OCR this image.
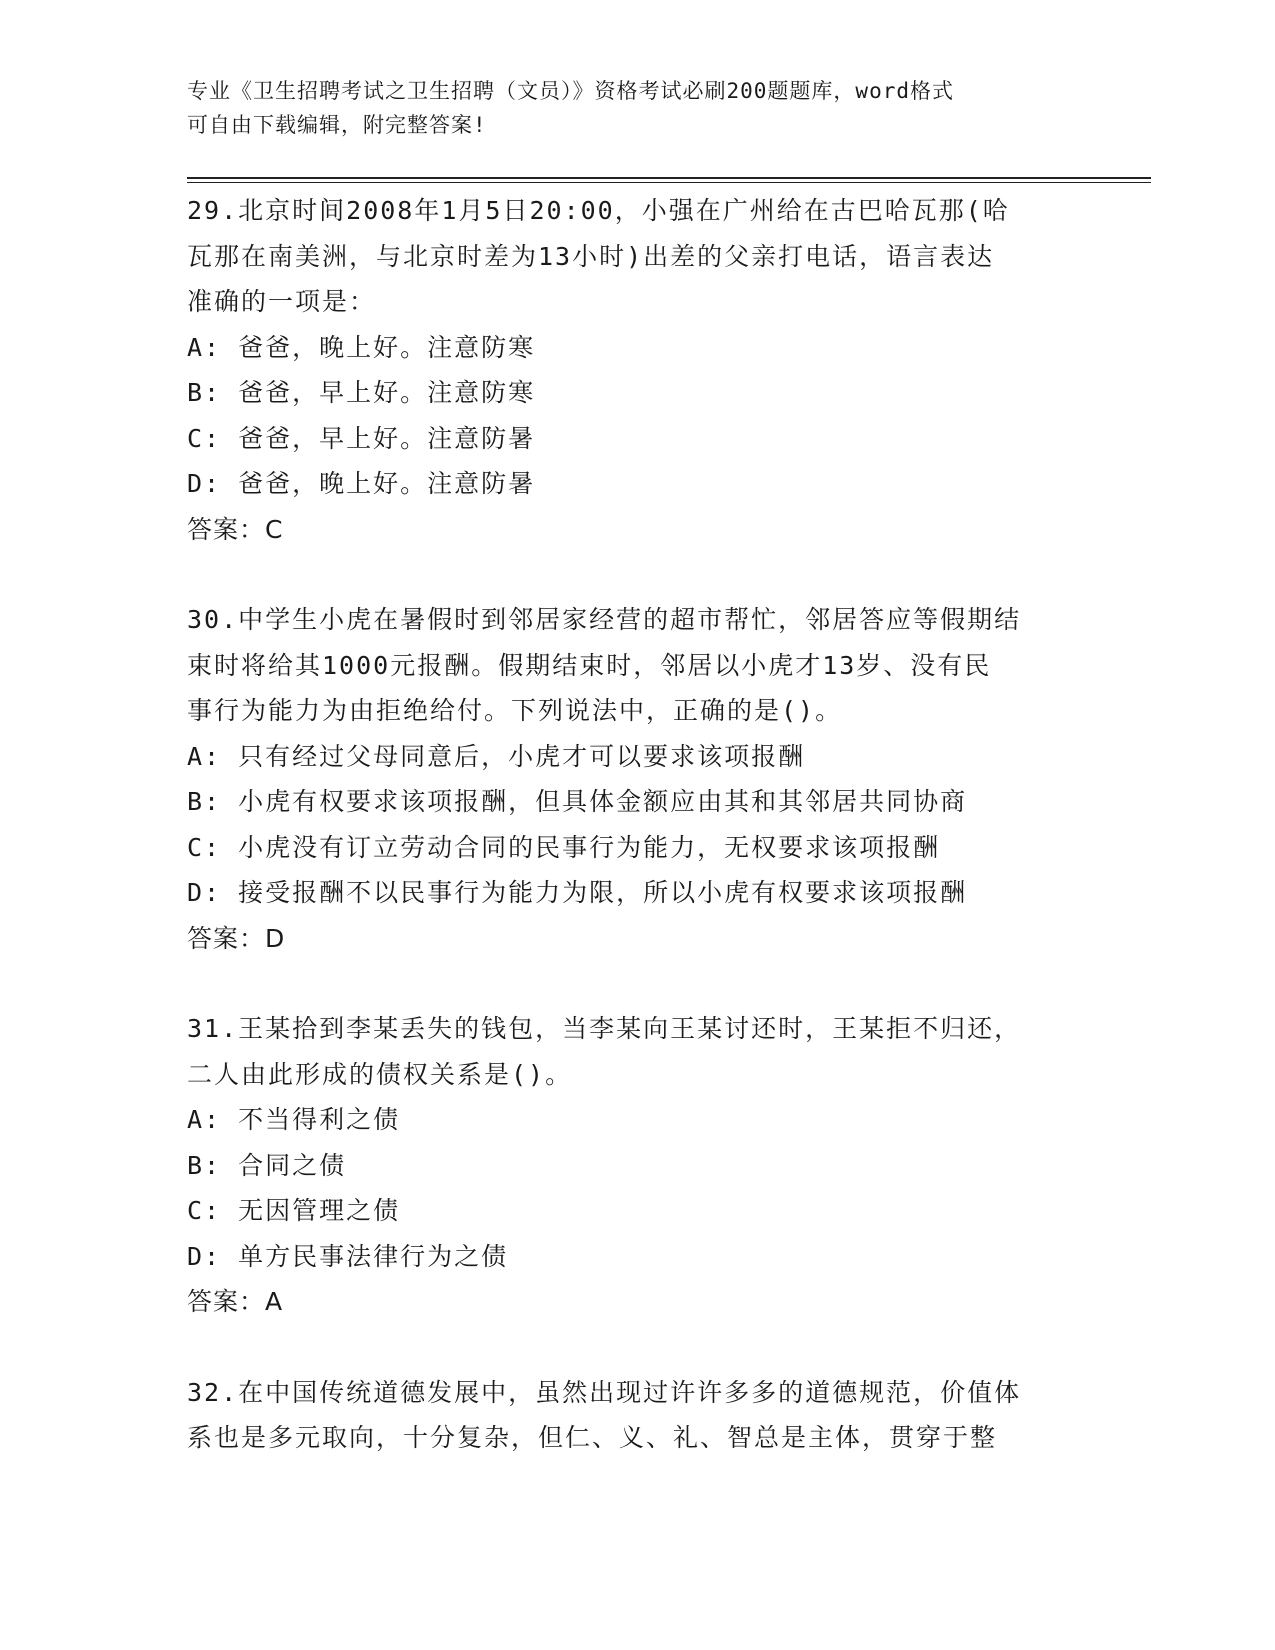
专业《卫生招聘考试之卫生招聘（文员）》资格考试必刷200题题库，word格式
可自由下载编辑，附完整答案!
29.北京时间2008年1月5日20:00，小强在广州给在古巴哈瓦那(哈
瓦那在南美洲，与北京时差为13小时)出差的父亲打电话，语言表达
准确的一项是：
A: 爸爸，晚上好。注意防寒
B: 爸爸，早上好。注意防寒
C: 爸爸，早上好。注意防暑
D: 爸爸，晚上好。注意防暑
答案：C
30.中学生小虎在暑假时到邻居家经营的超市帮忙，邻居答应等假期结
束时将给其1000元报酬。假期结束时，邻居以小虎才13岁、没有民
事行为能力为由拒绝给付。下列说法中，正确的是()。
A: 只有经过父母同意后，小虎才可以要求该项报酬
B: 小虎有权要求该项报酬，但具体金额应由其和其邻居共同协商
C: 小虎没有订立劳动合同的民事行为能力，无权要求该项报酬
D: 接受报酬不以民事行为能力为限，所以小虎有权要求该项报酬
答案：D
31.王某拾到李某丢失的钱包，当李某向王某讨还时，王某拒不归还，
二人由此形成的债权关系是()。
A: 不当得利之债
B: 合同之债
C: 无因管理之债
D: 单方民事法律行为之债
答案：A
32.在中国传统道德发展中，虽然出现过许许多多的道德规范，价值体
系也是多元取向，十分复杂，但仁、义、礼、智总是主体，贯穿于整
